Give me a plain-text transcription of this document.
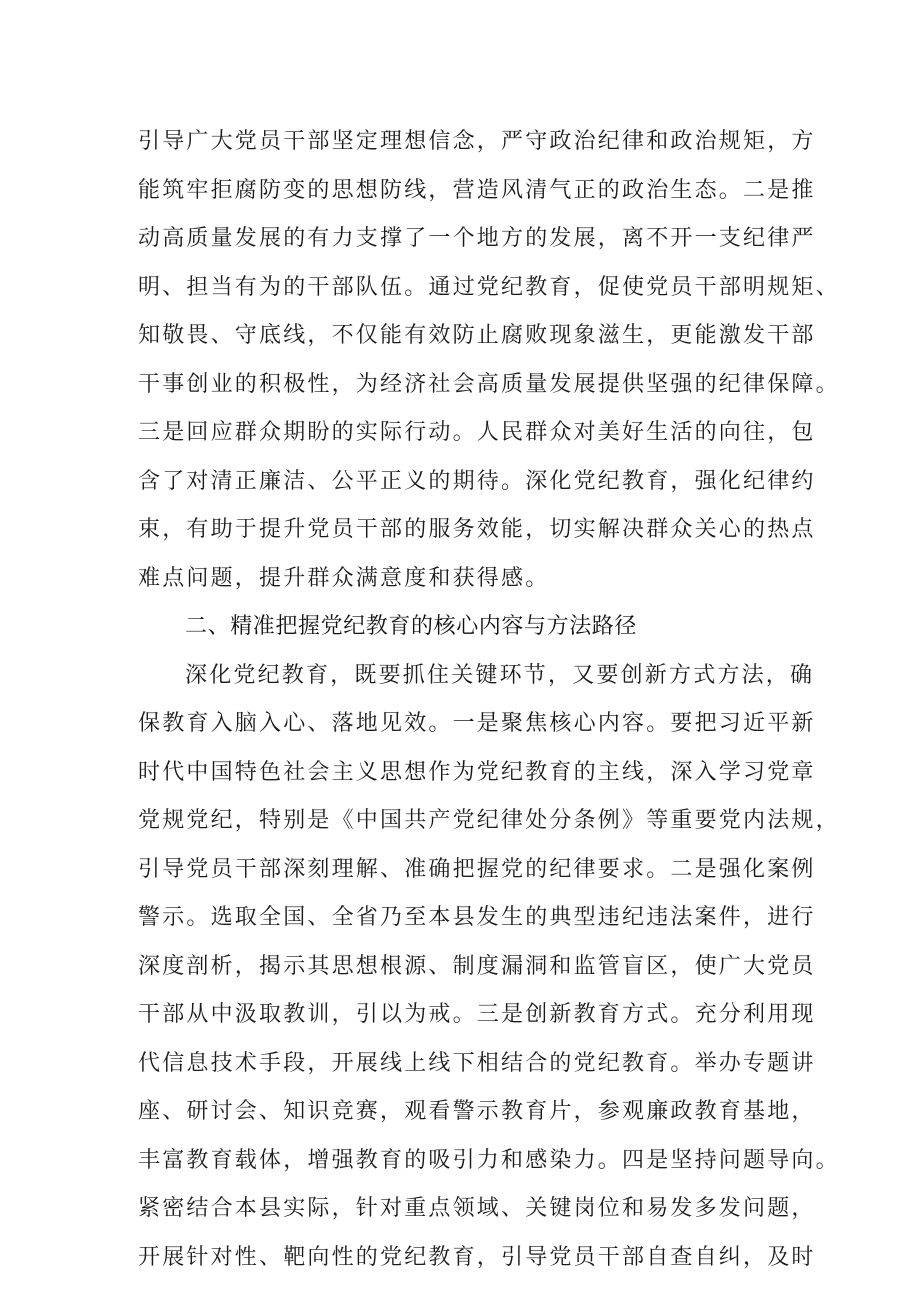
引导广大党员干部坚定理想信念，严守政治纪律和政治规矩，方
能筑牢拒腐防变的思想防线，营造风清气正的政治生态。二是推
动高质量发展的有力支撑了一个地方的发展，离不开一支纪律严
明、担当有为的干部队伍。通过党纪教育，促使党员干部明规矩、
知敬畏、守底线，不仅能有效防止腐败现象滋生，更能激发干部
干事创业的积极性，为经济社会高质量发展提供坚强的纪律保障。
三是回应群众期盼的实际行动。人民群众对美好生活的向往，包
含了对清正廉洁、公平正义的期待。深化党纪教育，强化纪律约
束，有助于提升党员干部的服务效能，切实解决群众关心的热点
难点问题，提升群众满意度和获得感。
二、精准把握党纪教育的核心内容与方法路径
深化党纪教育，既要抓住关键环节，又要创新方式方法，确
保教育入脑入心、落地见效。一是聚焦核心内容。要把习近平新
时代中国特色社会主义思想作为党纪教育的主线，深入学习党章
党规党纪，特别是《中国共产党纪律处分条例》等重要党内法规，
引导党员干部深刻理解、准确把握党的纪律要求。二是强化案例
警示。选取全国、全省乃至本县发生的典型违纪违法案件，进行
深度剖析，揭示其思想根源、制度漏洞和监管盲区，使广大党员
干部从中汲取教训，引以为戒。三是创新教育方式。充分利用现
代信息技术手段，开展线上线下相结合的党纪教育。举办专题讲
座、研讨会、知识竞赛，观看警示教育片，参观廉政教育基地，
丰富教育载体，增强教育的吸引力和感染力。四是坚持问题导向。
紧密结合本县实际，针对重点领域、关键岗位和易发多发问题，
开展针对性、靶向性的党纪教育，引导党员干部自查自纠，及时
